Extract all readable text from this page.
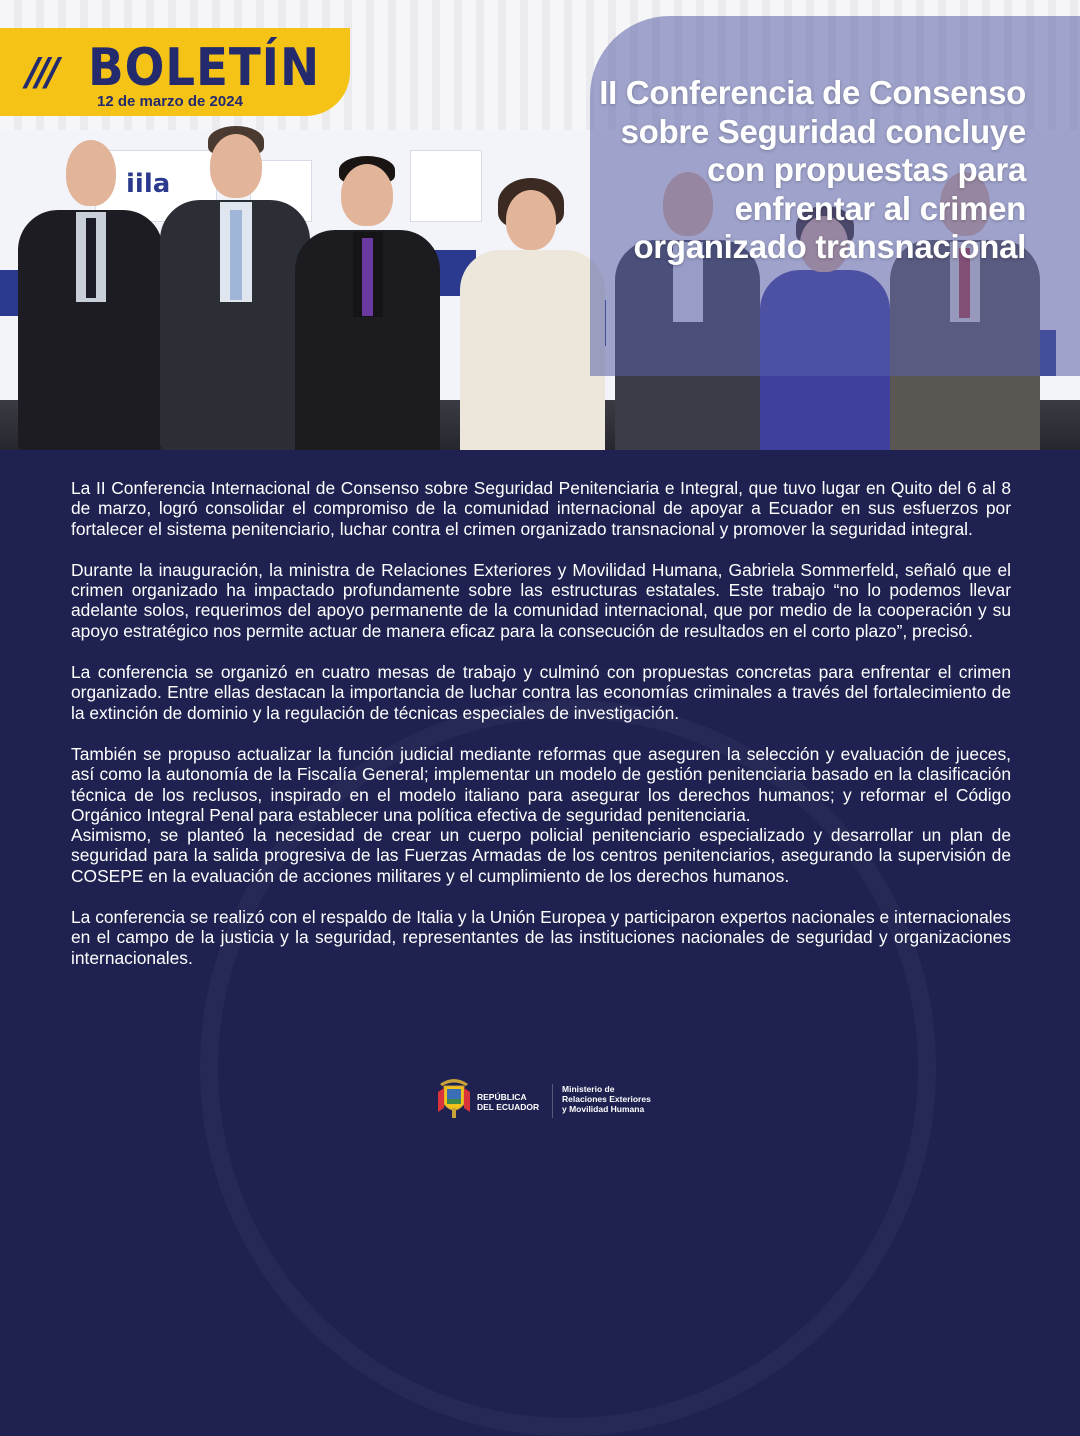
iila
II Conferencia de Consenso sobre Seguridad concluye con propuestas para enfrentar al crimen organizado transnacional
/// BOLETÍN
12 de marzo de 2024

La II Conferencia Internacional de Consenso sobre Seguridad Penitenciaria e Integral, que tuvo lugar en Quito del 6 al 8 de marzo, logró consolidar el compromiso de la comunidad internacional de apoyar a Ecuador en sus esfuerzos por fortalecer el sistema penitenciario, luchar contra el crimen organizado transnacional y promover la seguridad integral.

Durante la inauguración, la ministra de Relaciones Exteriores y Movilidad Humana, Gabriela Sommerfeld, señaló que el crimen organizado ha impactado profundamente sobre las estructuras estatales. Este trabajo “no lo podemos llevar adelante solos, requerimos del apoyo permanente de la comunidad internacional, que por medio de la cooperación y su apoyo estratégico nos permite actuar de manera eficaz para la consecución de resultados en el corto plazo”, precisó.

La conferencia se organizó en cuatro mesas de trabajo y culminó con propuestas concretas para enfrentar el crimen organizado. Entre ellas destacan la importancia de luchar contra las economías criminales a través del fortalecimiento de la extinción de dominio y la regulación de técnicas especiales de investigación.

También se propuso actualizar la función judicial mediante reformas que aseguren la selección y evaluación de jueces, así como la autonomía de la Fiscalía General; implementar un modelo de gestión penitenciaria basado en la clasificación técnica de los reclusos, inspirado en el modelo italiano para asegurar los derechos humanos; y reformar el Código Orgánico Integral Penal para establecer una política efectiva de seguridad penitenciaria.

Asimismo, se planteó la necesidad de crear un cuerpo policial penitenciario especializado y desarrollar un plan de seguridad para la salida progresiva de las Fuerzas Armadas de los centros penitenciarios, asegurando la supervisión de COSEPE en la evaluación de acciones militares y el cumplimiento de los derechos humanos.

La conferencia se realizó con el respaldo de Italia y la Unión Europea y participaron expertos nacionales e internacionales en el campo de la justicia y la seguridad, representantes de las instituciones nacionales de seguridad y organizaciones internacionales.

REPÚBLICA
DEL ECUADOR
Ministerio de
Relaciones Exteriores
y Movilidad Humana
